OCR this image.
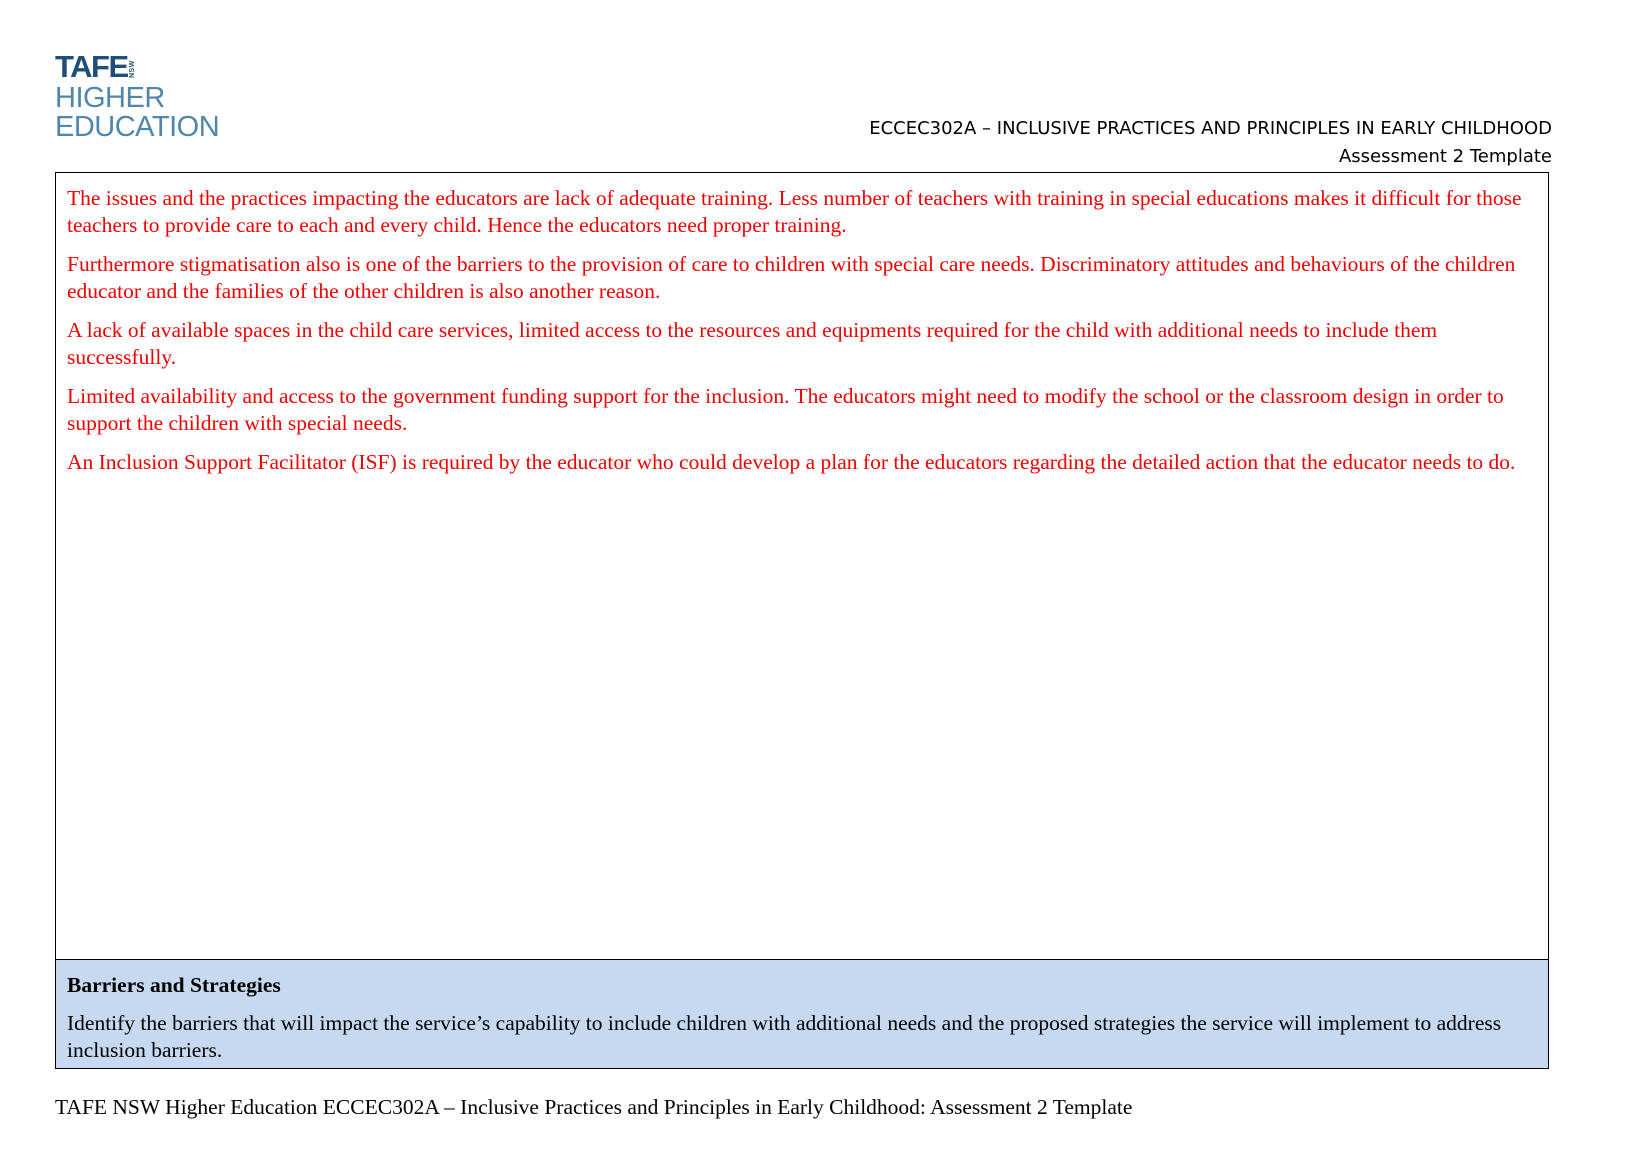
TAFE NSW
HIGHER
EDUCATION	ECCEC302A – INCLUSIVE PRACTICES AND PRINCIPLES IN EARLY CHILDHOOD
Assessment 2 Template

The issues and the practices impacting the educators are lack of adequate training. Less number of teachers with training in special educations makes it difficult for those teachers to provide care to each and every child. Hence the educators need proper training.

Furthermore stigmatisation also is one of the barriers to the provision of care to children with special care needs. Discriminatory attitudes and behaviours of the children educator and the families of the other children is also another reason.

A lack of available spaces in the child care services, limited access to the resources and equipments required for the child with additional needs to include them successfully.

Limited availability and access to the government funding support for the inclusion. The educators might need to modify the school or the classroom design in order to support the children with special needs.

An Inclusion Support Facilitator (ISF) is required by the educator who could develop a plan for the educators regarding the detailed action that the educator needs to do.

Barriers and Strategies

Identify the barriers that will impact the service’s capability to include children with additional needs and the proposed strategies the service will implement to address inclusion barriers.

TAFE NSW Higher Education ECCEC302A – Inclusive Practices and Principles in Early Childhood: Assessment 2 Template
